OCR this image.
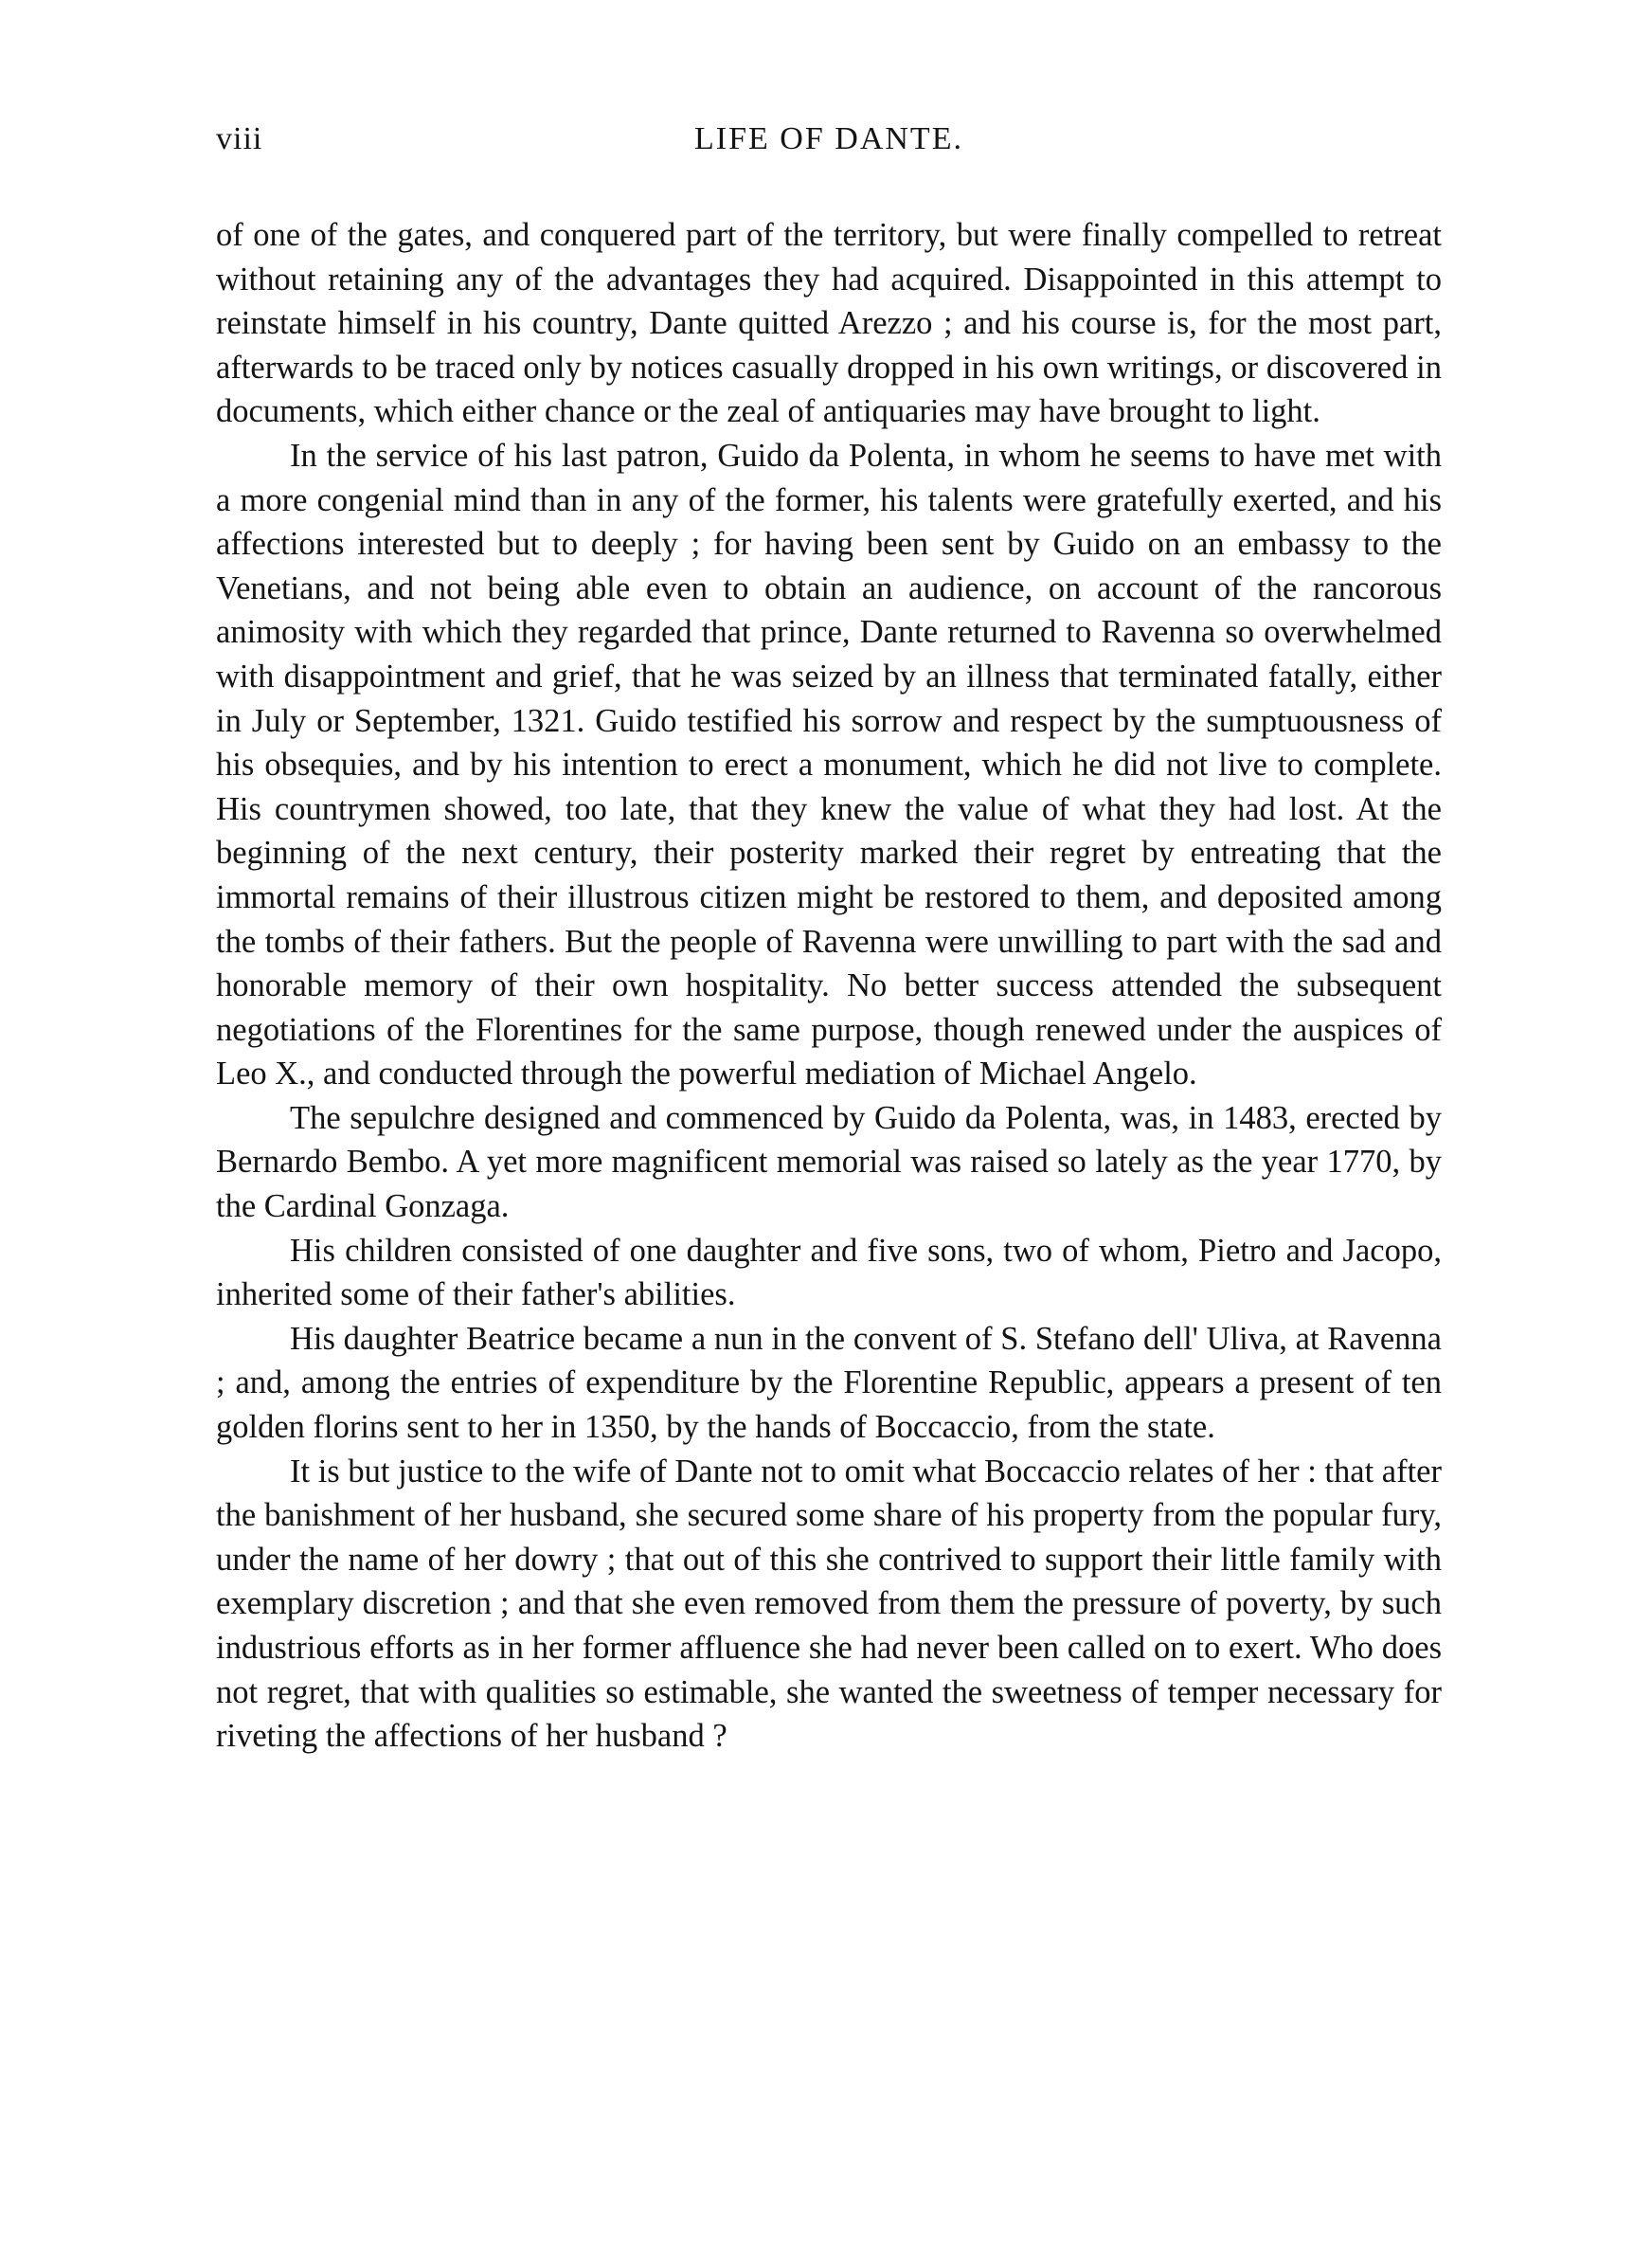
viii	LIFE OF DANTE.

of one of the gates, and conquered part of the territory, but were finally compelled to retreat without retaining any of the advantages they had acquired. Disappointed in this attempt to reinstate himself in his country, Dante quitted Arezzo ; and his course is, for the most part, afterwards to be traced only by notices casually dropped in his own writings, or discovered in documents, which either chance or the zeal of antiquaries may have brought to light.

In the service of his last patron, Guido da Polenta, in whom he seems to have met with a more congenial mind than in any of the former, his talents were gratefully exerted, and his affections interested but to deeply ; for having been sent by Guido on an embassy to the Venetians, and not being able even to obtain an audience, on account of the rancorous animosity with which they regarded that prince, Dante returned to Ravenna so overwhelmed with disappointment and grief, that he was seized by an illness that terminated fatally, either in July or September, 1321. Guido testified his sorrow and respect by the sumptuousness of his obsequies, and by his intention to erect a monument, which he did not live to complete. His countrymen showed, too late, that they knew the value of what they had lost. At the beginning of the next century, their posterity marked their regret by entreating that the immortal remains of their illustrous citizen might be restored to them, and deposited among the tombs of their fathers. But the people of Ravenna were unwilling to part with the sad and honorable memory of their own hospitality. No better success attended the subsequent negotiations of the Florentines for the same purpose, though renewed under the auspices of Leo X., and conducted through the powerful mediation of Michael Angelo.

The sepulchre designed and commenced by Guido da Polenta, was, in 1483, erected by Bernardo Bembo. A yet more magnificent memorial was raised so lately as the year 1770, by the Cardinal Gonzaga.

His children consisted of one daughter and five sons, two of whom, Pietro and Jacopo, inherited some of their father's abilities.

His daughter Beatrice became a nun in the convent of S. Stefano dell' Uliva, at Ravenna ; and, among the entries of expenditure by the Florentine Republic, appears a present of ten golden florins sent to her in 1350, by the hands of Boccaccio, from the state.

It is but justice to the wife of Dante not to omit what Boccaccio relates of her : that after the banishment of her husband, she secured some share of his property from the popular fury, under the name of her dowry ; that out of this she contrived to support their little family with exemplary discretion ; and that she even removed from them the pressure of poverty, by such industrious efforts as in her former affluence she had never been called on to exert. Who does not regret, that with qualities so estimable, she wanted the sweetness of temper necessary for riveting the affections of her husband ?
